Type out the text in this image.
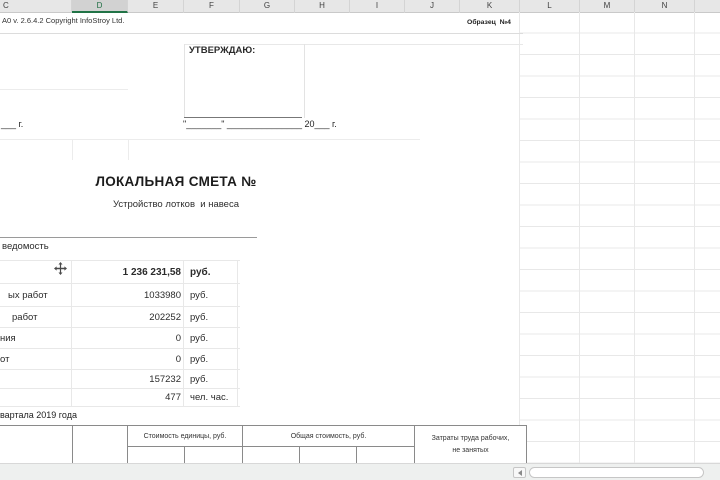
C	D	E	F	G	H	I	J	K	L	M	N
A0 v. 2.6.4.2 Copyright InfoStroy Ltd.	Образец  №4
УТВЕРЖДАЮ:
"_______" _______________ 20___ г.
___ г.
ЛОКАЛЬНАЯ СМЕТА №
Устройство лотков  и навеса
ведомость
1 236 231,58 руб.
ых работ	1033980 руб.
работ	202252 руб.
ния	0 руб.
от	0 руб.
157232 руб.
477 чел. час.
вартала 2019 года
Стоимость единицы, руб.	Общая стоимость, руб.	Затраты труда рабочих,
не занятых
